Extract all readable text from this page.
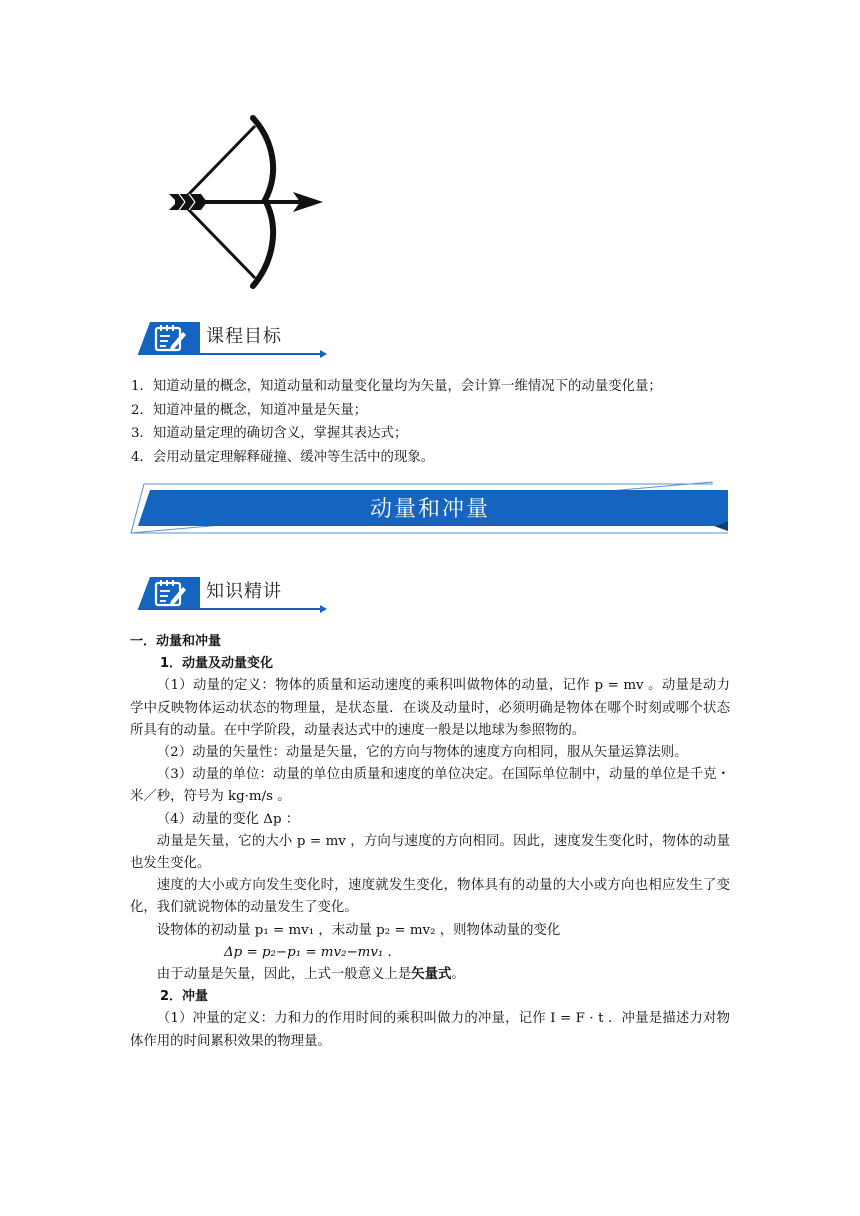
课程目标
1．知道动量的概念，知道动量和动量变化量均为矢量，会计算一维情况下的动量变化量；
2．知道冲量的概念，知道冲量是矢量；
3．知道动量定理的确切含义，掌握其表达式；
4．会用动量定理解释碰撞、缓冲等生活中的现象。
动量和冲量
知识精讲
一．动量和冲量
1．动量及动量变化
（1）动量的定义：物体的质量和运动速度的乘积叫做物体的动量，记作 p = mv 。动量是动力学中反映物体运动状态的物理量，是状态量．在谈及动量时，必须明确是物体在哪个时刻或哪个状态所具有的动量。在中学阶段，动量表达式中的速度一般是以地球为参照物的。
（2）动量的矢量性：动量是矢量，它的方向与物体的速度方向相同，服从矢量运算法则。
（3）动量的单位：动量的单位由质量和速度的单位决定。在国际单位制中，动量的单位是千克・米／秒，符号为 kg·m/s 。
（4）动量的变化 Δp ：
动量是矢量，它的大小 p = mv ，方向与速度的方向相同。因此，速度发生变化时，物体的动量也发生变化。
速度的大小或方向发生变化时，速度就发生变化，物体具有的动量的大小或方向也相应发生了变化，我们就说物体的动量发生了变化。
设物体的初动量 p₁ = mv₁ ，末动量 p₂ = mv₂ ，则物体动量的变化
Δp = p₂−p₁ = mv₂−mv₁ .
由于动量是矢量，因此，上式一般意义上是矢量式。
2．冲量
（1）冲量的定义：力和力的作用时间的乘积叫做力的冲量，记作 I = F · t ．冲量是描述力对物体作用的时间累积效果的物理量。
